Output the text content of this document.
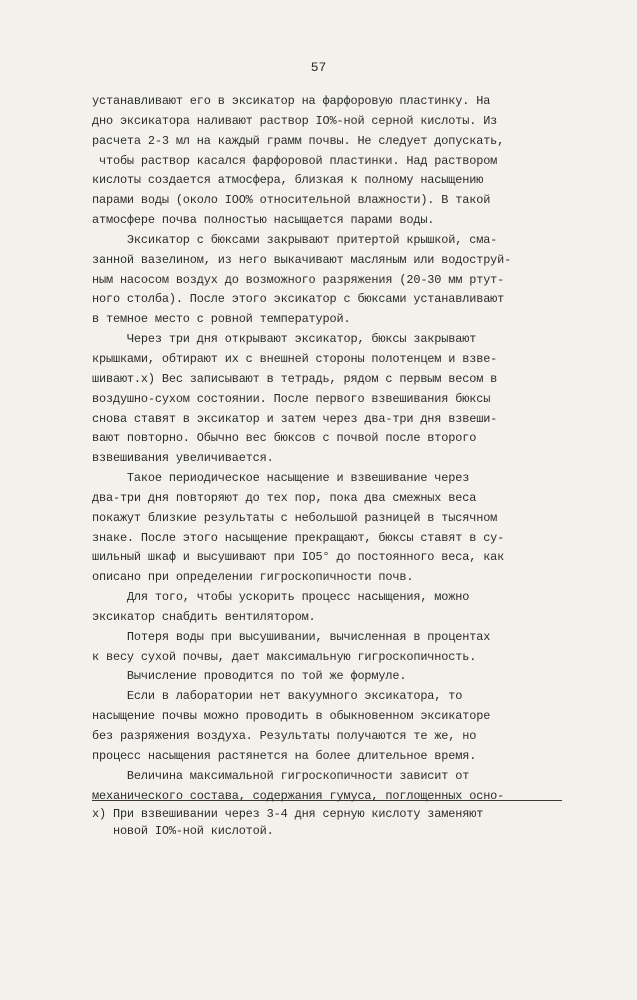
57
устанавливают его в эксикатор на фарфоровую пластинку. На
дно эксикатора наливают раствор IO%-ной серной кислоты. Из
расчета 2-3 мл на каждый грамм почвы. Не следует допускать,
чтобы раствор касался фарфоровой пластинки. Над раствором
кислоты создается атмосфера, близкая к полному насыщению
парами воды (около IOO% относительной влажности). В такой
атмосфере почва полностью насыщается парами воды.
Эксикатор с бюксами закрывают притертой крышкой, сма-
занной вазелином, из него выкачивают масляным или водоструй-
ным насосом воздух до возможного разряжения (20-30 мм ртут-
ного столба). После этого эксикатор с бюксами устанавливают
в темное место с ровной температурой.
Через три дня открывают эксикатор, бюксы закрывают
крышками, обтирают их с внешней стороны полотенцем и взве-
шивают.x) Вес записывают в тетрадь, рядом с первым весом в
воздушно-сухом состоянии. После первого взвешивания бюксы
снова ставят в эксикатор и затем через два-три дня взвеши-
вают повторно. Обычно вес бюксов с почвой после второго
взвешивания увеличивается.
Такое периодическое насыщение и взвешивание через
два-три дня повторяют до тех пор, пока два смежных веса
покажут близкие результаты с небольшой разницей в тысячном
знаке. После этого насыщение прекращают, бюксы ставят в су-
шильный шкаф и высушивают при IO5° до постоянного веса, как
описано при определении гигроскопичности почв.
Для того, чтобы ускорить процесс насыщения, можно
эксикатор снабдить вентилятором.
Потеря воды при высушивании, вычисленная в процентах
к весу сухой почвы, дает максимальную гигроскопичность.
Вычисление проводится по той же формуле.
Если в лаборатории нет вакуумного эксикатора, то
насыщение почвы можно проводить в обыкновенном эксикаторе
без разряжения воздуха. Результаты получаются те же, но
процесс насыщения растянется на более длительное время.
Величина максимальной гигроскопичности зависит от
механического состава, содержания гумуса, поглощенных осно-
x) При взвешивании через 3-4 дня серную кислоту заменяют
новой IO%-ной кислотой.
